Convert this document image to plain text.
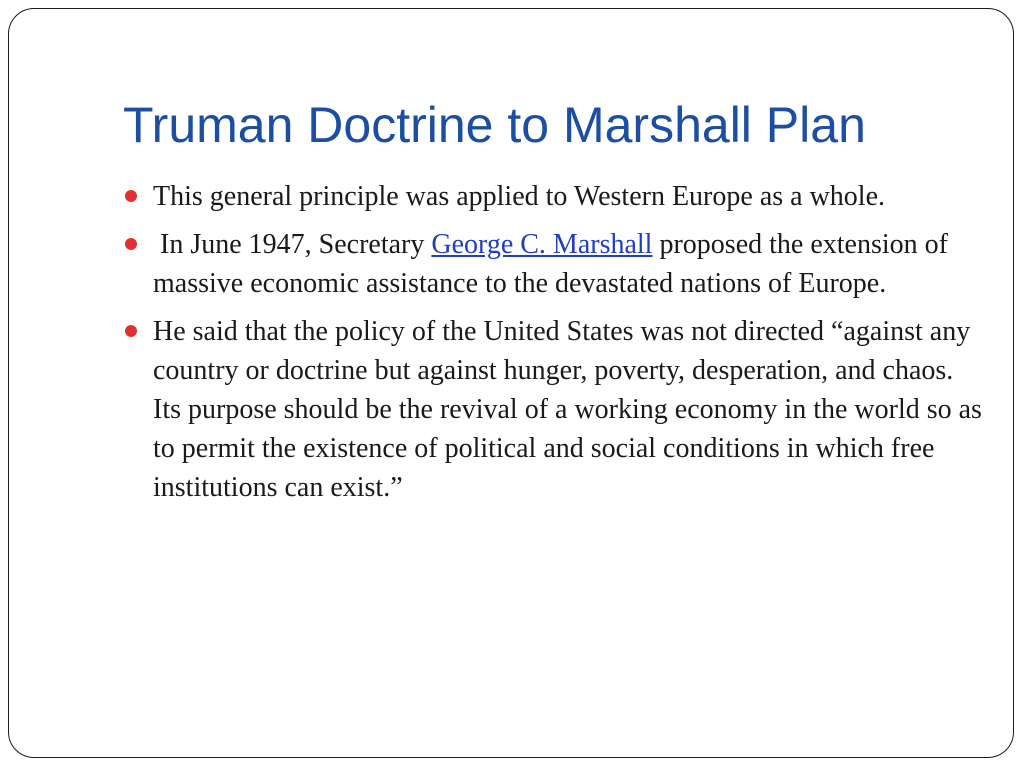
Truman Doctrine to Marshall Plan
This general principle was applied to Western Europe as a whole.
In June 1947, Secretary George C. Marshall proposed the extension of massive economic assistance to the devastated nations of Europe.
He said that the policy of the United States was not directed “against any country or doctrine but against hunger, poverty, desperation, and chaos. Its purpose should be the revival of a working economy in the world so as to permit the existence of political and social conditions in which free institutions can exist.”
